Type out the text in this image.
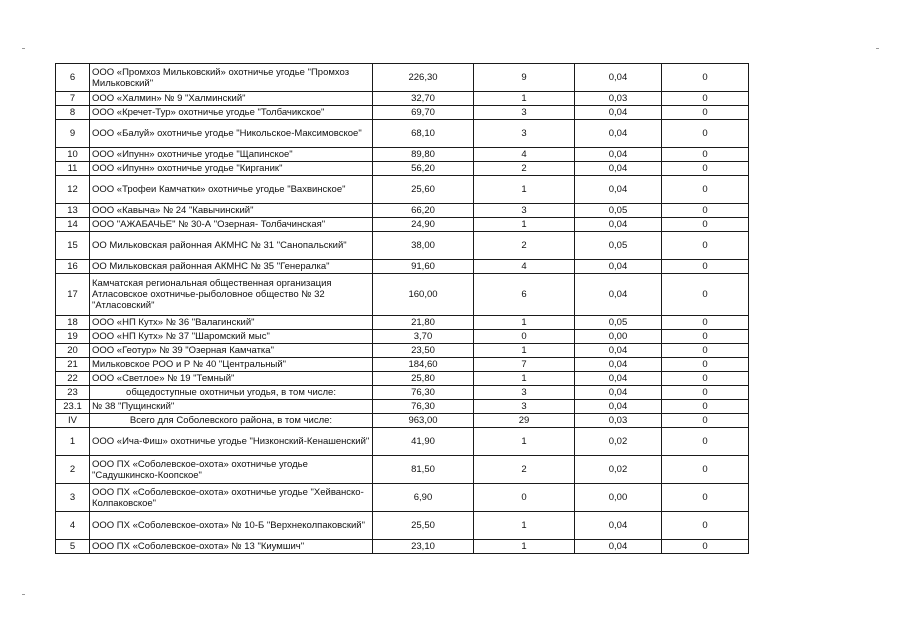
6	ООО «Промхоз Мильковский» охотничье угодье "Промхоз Мильковский"	226,30	9	0,04	0
7	ООО «Халмин» № 9 "Халминский"	32,70	1	0,03	0
8	ООО «Кречет-Тур» охотничье угодье "Толбачикское"	69,70	3	0,04	0
9	ООО «Балуй» охотничье угодье "Никольское-Максимовское"	68,10	3	0,04	0
10	ООО «Ипунн» охотничье угодье "Щапинское"	89,80	4	0,04	0
11	ООО «Ипунн» охотничье угодье "Кирганик"	56,20	2	0,04	0
12	ООО «Трофеи Камчатки» охотничье угодье "Вахвинское"	25,60	1	0,04	0
13	ООО «Кавыча» № 24 "Кавычинский"	66,20	3	0,05	0
14	ООО "АЖАБАЧЬЕ" № 30-А "Озерная- Толбачинская"	24,90	1	0,04	0
15	ОО Мильковская районная АКМНС № 31 "Санопальский"	38,00	2	0,05	0
16	ОО Мильковская районная АКМНС № 35 "Генералка"	91,60	4	0,04	0
17	Камчатская региональная общественная организация Атласовское охотничье-рыболовное общество № 32 "Атласовский"	160,00	6	0,04	0
18	ООО «НП Кутх» № 36 "Валагинский"	21,80	1	0,05	0
19	ООО «НП Кутх» № 37 "Шаромский мыс"	3,70	0	0,00	0
20	ООО «Геотур» № 39 "Озерная Камчатка"	23,50	1	0,04	0
21	Мильковское РОО и Р № 40 "Центральный"	184,60	7	0,04	0
22	ООО «Светлое» № 19 "Темный"	25,80	1	0,04	0
23	общедоступные охотничьи угодья, в том числе:	76,30	3	0,04	0
23.1	№ 38 "Пущинский"	76,30	3	0,04	0
IV	Всего для Соболевского района, в том числе:	963,00	29	0,03	0
1	ООО «Ича-Фиш» охотничье угодье "Низконский-Кенашенский"	41,90	1	0,02	0
2	ООО ПХ «Соболевское-охота» охотничье угодье "Садушкинско-Коопское"	81,50	2	0,02	0
3	ООО ПХ «Соболевское-охота» охотничье угодье "Хейванско-Колпаковское"	6,90	0	0,00	0
4	ООО ПХ «Соболевское-охота» № 10-Б "Верхнеколпаковский"	25,50	1	0,04	0
5	ООО ПХ «Соболевское-охота» № 13 "Киумшич"	23,10	1	0,04	0
